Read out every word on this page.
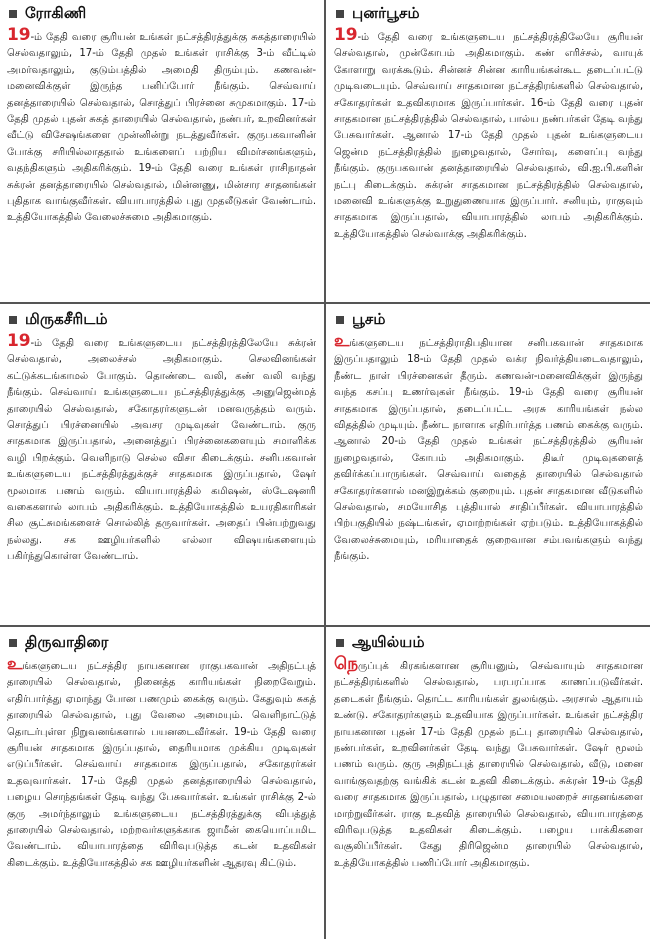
ரோகிணி
19-ம் தேதி வரை சூரியன் உங்கள் நட்சத்திரத்துக்கு சுகத்தாரையில் செல்வதாலும், 17-ம் தேதி முதல் உங்கள் ராசிக்கு 3-ம் வீட்டில் அமர்வதாலும், குடும்பத்தில் அமைதி திரும்பும். கணவன்-மனைவிக்குள் இருந்த பனிப்போர் நீங்கும். செவ்வாய் தனத்தாரையில் செல்வதால், சொத்துப் பிரச்னை சுமுகமாகும். 17-ம் தேதி முதல் புதன் சுகத் தாரையில் செல்வதால், நண்பர், உறவினர்கள் வீட்டு விசேஷங்களை முன்னின்று நடத்துவீர்கள். குருபகவானின் போக்கு சரியில்லாததால் உங்களைப் பற்றிய விமர்சனங்களும், வதந்திகளும் அதிகரிக்கும். 19-ம் தேதி வரை உங்கள் ராசிநாதன் சுக்ரன் தனத்தாரையில் செல்வதால், மின்னணு, மின்சார சாதனங்கள் புதிதாக வாங்குவீர்கள். வியாபாரத்தில் புது முதலீடுகள் வேண்டாம். உத்தியோகத்தில் வேலைச்சுமை அதிகமாகும்.
புனர்பூசம்
19-ம் தேதி வரை உங்களுடைய நட்சத்திரத்திலேயே சூரியன் செல்வதால், முன்கோபம் அதிகமாகும். கண் எரிச்சல், வாயுக் கோளாறு வரக்கூடும். சின்னச் சின்ன காரியங்கள்கூட தடைப்பட்டு முடிவடையும். செவ்வாய் சாதகமான நட்சத்திரங்களில் செல்வதால், சகோதரர்கள் உதவிகரமாக இருப்பார்கள். 16-ம் தேதி வரை புதன் சாதகமான நட்சத்திரத்தில் செல்வதால், பால்ய நண்பர்கள் தேடி வந்து பேசுவார்கள். ஆனால் 17-ம் தேதி முதல் புதன் உங்களுடைய ஜென்ம நட்சத்திரத்தில் நுழைவதால், சோர்வு, களைப்பு வந்து நீங்கும். குருபகவான் தனத்தாரையில் செல்வதால், வி.ஐ.பி.களின் நட்பு கிடைக்கும். சுக்ரன் சாதகமான நட்சத்திரத்தில் செல்வதால், மனைவி உங்களுக்கு உறுதுணையாக இருப்பார். சனியும், ராகுவும் சாதகமாக இருப்பதால், வியாபாரத்தில் லாபம் அதிகரிக்கும். உத்தியோகத்தில் செல்வாக்கு அதிகரிக்கும்.
மிருகசீரிடம்
19-ம் தேதி வரை உங்களுடைய நட்சத்திரத்திலேயே சுக்ரன் செல்வதால், அலைச்சல் அதிகமாகும். செலவினங்கள் கட்டுக்கடங்காமல் போகும். தொண்டை வலி, கண் வலி வந்து நீங்கும். செவ்வாய் உங்களுடைய நட்சத்திரத்துக்கு அனுஜென்மத் தாரையில் செல்வதால், சகோதரர்களுடன் மனவருத்தம் வரும். சொத்துப் பிரச்னையில் அவசர முடிவுகள் வேண்டாம். குரு சாதகமாக இருப்பதால், அனைத்துப் பிரச்னைகளையும் சமாளிக்க வழி பிறக்கும். வெளிநாடு செல்ல விசா கிடைக்கும். சனிபகவான் உங்களுடைய நட்சத்திரத்துக்குச் சாதகமாக இருப்பதால், ஷேர் மூலமாக பணம் வரும். வியாபாரத்தில் கமிஷன், ஸ்டேஷனரி வகைகளால் லாபம் அதிகரிக்கும். உத்தியோகத்தில் உயரதிகாரிகள் சில சூட்சுமங்களைச் சொல்லித் தருவார்கள். அதைப் பின்பற்றுவது நல்லது. சக ஊழியர்களில் எல்லா விஷயங்களையும் பகிர்ந்துகொள்ள வேண்டாம்.
பூசம்
உங்களுடைய நட்சத்திராதிபதியான சனிபகவான் சாதகமாக இருப்பதாலும் 18-ம் தேதி முதல் வக்ர நிவர்த்தியடைவதாலும், நீண்ட நாள் பிரச்னைகள் தீரும். கணவன்-மனைவிக்குள் இருந்து வந்த கசப்பு உணர்வுகள் நீங்கும். 19-ம் தேதி வரை சூரியன் சாதகமாக இருப்பதால், தடைப்பட்ட அரசு காரியங்கள் நல்ல விதத்தில் முடியும். நீண்ட நாளாக எதிர்பார்த்த பணம் கைக்கு வரும். ஆனால் 20-ம் தேதி முதல் உங்கள் நட்சத்திரத்தில் சூரியன் நுழைவதால், கோபம் அதிகமாகும். திடீர் முடிவுகளைத் தவிர்க்கப்பாருங்கள். செவ்வாய் வதைத் தாரையில் செல்வதால் சகோதரர்களால் மனஇறுக்கம் குறையும். புதன் சாதகமான வீடுகளில் செல்வதால், சமயோசித புத்தியால் சாதிப்பீர்கள். வியாபாரத்தில் பிற்பகுதியில் நஷ்டங்கள், ஏமாற்றங்கள் ஏற்படும். உத்தியோகத்தில் வேலைச்சுமையும், மரியாதைக் குறைவான சம்பவங்களும் வந்து நீங்கும்.
திருவாதிரை
உங்களுடைய நட்சத்திர நாயகனான ராகுபகவான் அதிநட்புத் தாரையில் செல்வதால், நினைத்த காரியங்கள் நிறைவேறும். எதிர்பார்த்து ஏமாந்து போன பணமும் கைக்கு வரும். கேதுவும் சுகத் தாரையில் செல்வதால், புது வேலை அமையும். வெளிநாட்டுத் தொடர்புள்ள நிறுவனங்களால் பயனடைவீர்கள். 19-ம் தேதி வரை சூரியன் சாதகமாக இருப்பதால், தைரியமாக முக்கிய முடிவுகள் எடுப்பீர்கள். செவ்வாய் சாதகமாக இருப்பதால், சகோதரர்கள் உதவுவார்கள். 17-ம் தேதி முதல் தனத்தாரையில் செல்வதால், பழைய சொந்தங்கள் தேடி வந்து பேசுவார்கள். உங்கள் ராசிக்கு 2-ல் குரு அமர்ந்தாலும் உங்களுடைய நட்சத்திரத்துக்கு விபத்துத் தாரையில் செல்வதால், மற்றவர்களுக்காக ஜாமீன் கையொப்பமிட வேண்டாம். வியாபாரத்தை விரிவுபடுத்த கடன் உதவிகள் கிடைக்கும். உத்தியோகத்தில் சக ஊழியர்களின் ஆதரவு கிட்டும்.
ஆயில்யம்
நெருப்புக் கிரகங்களான சூரியனும், செவ்வாயும் சாதகமான நட்சத்திரங்களில் செல்வதால், பரபரப்பாக காணப்படுவீர்கள். தடைகள் நீங்கும். தொட்ட காரியங்கள் துலங்கும். அரசால் ஆதாயம் உண்டு. சகோதரர்களும் உதவியாக இருப்பார்கள். உங்கள் நட்சத்திர நாயகனான புதன் 17-ம் தேதி முதல் நட்பு தாரையில் செல்வதால், நண்பர்கள், உறவினர்கள் தேடி வந்து பேசுவார்கள். ஷேர் மூலம் பணம் வரும். குரு அதிநட்புத் தாரையில் செல்வதால், வீடு, மனை வாங்குவதற்கு வங்கிக் கடன் உதவி கிடைக்கும். சுக்ரன் 19-ம் தேதி வரை சாதகமாக இருப்பதால், பழுதான சமையலறைச் சாதனங்களை மாற்றுவீர்கள். ராகு உதவித் தாரையில் செல்வதால், வியாபாரத்தை விரிவுபடுத்த உதவிகள் கிடைக்கும். பழைய பாக்கிகளை வசூலிப்பீர்கள். கேது திரிஜென்ம தாரையில் செல்வதால், உத்தியோகத்தில் பணிப்போர் அதிகமாகும்.
